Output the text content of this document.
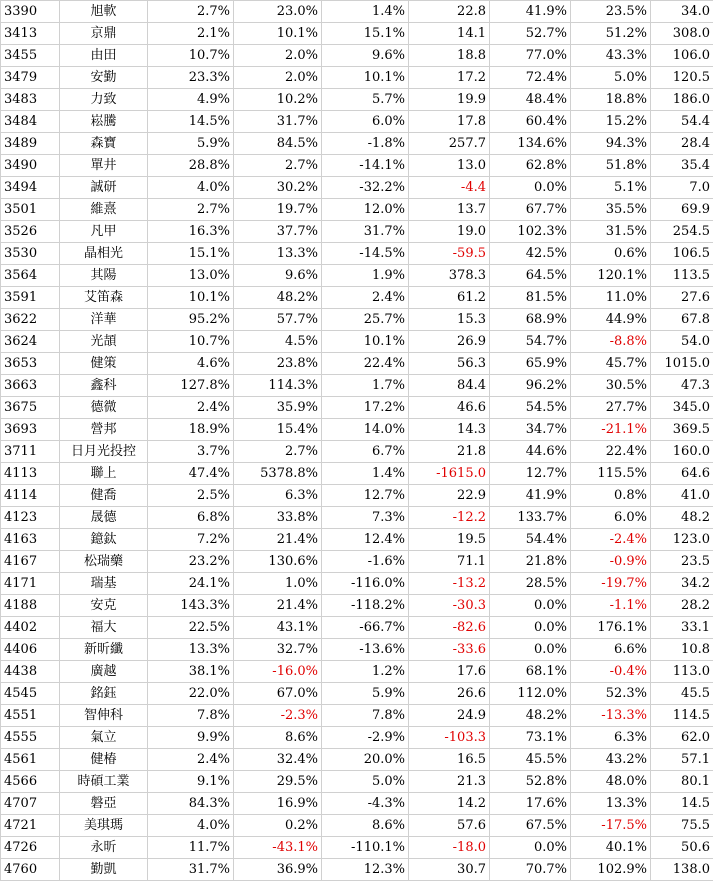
3390	旭軟	2.7%	23.0%	1.4%	22.8	41.9%	23.5%	34.0
3413	京鼎	2.1%	10.1%	15.1%	14.1	52.7%	51.2%	308.0
3455	由田	10.7%	2.0%	9.6%	18.8	77.0%	43.3%	106.0
3479	安勤	23.3%	2.0%	10.1%	17.2	72.4%	5.0%	120.5
3483	力致	4.9%	10.2%	5.7%	19.9	48.4%	18.8%	186.0
3484	崧騰	14.5%	31.7%	6.0%	17.8	60.4%	15.2%	54.4
3489	森寶	5.9%	84.5%	-1.8%	257.7	134.6%	94.3%	28.4
3490	單井	28.8%	2.7%	-14.1%	13.0	62.8%	51.8%	35.4
3494	誠研	4.0%	30.2%	-32.2%	-4.4	0.0%	5.1%	7.0
3501	維熹	2.7%	19.7%	12.0%	13.7	67.7%	35.5%	69.9
3526	凡甲	16.3%	37.7%	31.7%	19.0	102.3%	31.5%	254.5
3530	晶相光	15.1%	13.3%	-14.5%	-59.5	42.5%	0.6%	106.5
3564	其陽	13.0%	9.6%	1.9%	378.3	64.5%	120.1%	113.5
3591	艾笛森	10.1%	48.2%	2.4%	61.2	81.5%	11.0%	27.6
3622	洋華	95.2%	57.7%	25.7%	15.3	68.9%	44.9%	67.8
3624	光頡	10.7%	4.5%	10.1%	26.9	54.7%	-8.8%	54.0
3653	健策	4.6%	23.8%	22.4%	56.3	65.9%	45.7%	1015.0
3663	鑫科	127.8%	114.3%	1.7%	84.4	96.2%	30.5%	47.3
3675	德微	2.4%	35.9%	17.2%	46.6	54.5%	27.7%	345.0
3693	營邦	18.9%	15.4%	14.0%	14.3	34.7%	-21.1%	369.5
3711	日月光投控	3.7%	2.7%	6.7%	21.8	44.6%	22.4%	160.0
4113	聯上	47.4%	5378.8%	1.4%	-1615.0	12.7%	115.5%	64.6
4114	健喬	2.5%	6.3%	12.7%	22.9	41.9%	0.8%	41.0
4123	晟德	6.8%	33.8%	7.3%	-12.2	133.7%	6.0%	48.2
4163	鐿鈦	7.2%	21.4%	12.4%	19.5	54.4%	-2.4%	123.0
4167	松瑞藥	23.2%	130.6%	-1.6%	71.1	21.8%	-0.9%	23.5
4171	瑞基	24.1%	1.0%	-116.0%	-13.2	28.5%	-19.7%	34.2
4188	安克	143.3%	21.4%	-118.2%	-30.3	0.0%	-1.1%	28.2
4402	福大	22.5%	43.1%	-66.7%	-82.6	0.0%	176.1%	33.1
4406	新昕纖	13.3%	32.7%	-13.6%	-33.6	0.0%	6.6%	10.8
4438	廣越	38.1%	-16.0%	1.2%	17.6	68.1%	-0.4%	113.0
4545	銘鈺	22.0%	67.0%	5.9%	26.6	112.0%	52.3%	45.5
4551	智伸科	7.8%	-2.3%	7.8%	24.9	48.2%	-13.3%	114.5
4555	氣立	9.9%	8.6%	-2.9%	-103.3	73.1%	6.3%	62.0
4561	健椿	2.4%	32.4%	20.0%	16.5	45.5%	43.2%	57.1
4566	時碩工業	9.1%	29.5%	5.0%	21.3	52.8%	48.0%	80.1
4707	磐亞	84.3%	16.9%	-4.3%	14.2	17.6%	13.3%	14.5
4721	美琪瑪	4.0%	0.2%	8.6%	57.6	67.5%	-17.5%	75.5
4726	永昕	11.7%	-43.1%	-110.1%	-18.0	0.0%	40.1%	50.6
4760	勤凱	31.7%	36.9%	12.3%	30.7	70.7%	102.9%	138.0
